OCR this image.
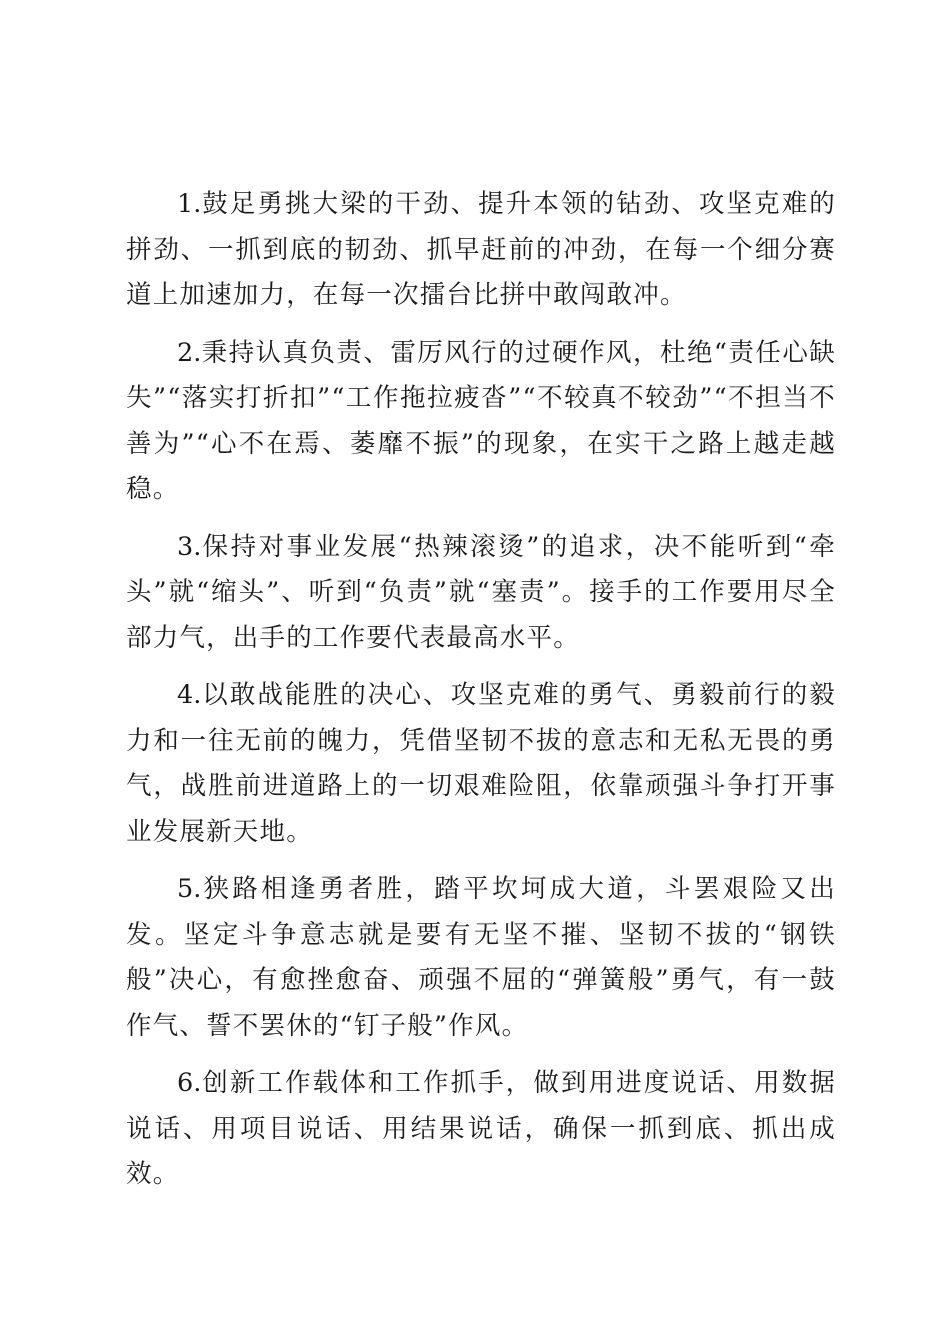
1.鼓足勇挑大梁的干劲、提升本领的钻劲、攻坚克难的拼劲、一抓到底的韧劲、抓早赶前的冲劲，在每一个细分赛道上加速加力，在每一次擂台比拼中敢闯敢冲。

2.秉持认真负责、雷厉风行的过硬作风，杜绝“责任心缺失”“落实打折扣”“工作拖拉疲沓”“不较真不较劲”“不担当不善为”“心不在焉、萎靡不振”的现象，在实干之路上越走越稳。

3.保持对事业发展“热辣滚烫”的追求，决不能听到“牵头”就“缩头”、听到“负责”就“塞责”。接手的工作要用尽全部力气，出手的工作要代表最高水平。

4.以敢战能胜的决心、攻坚克难的勇气、勇毅前行的毅力和一往无前的魄力，凭借坚韧不拔的意志和无私无畏的勇气，战胜前进道路上的一切艰难险阻，依靠顽强斗争打开事业发展新天地。

5.狭路相逢勇者胜，踏平坎坷成大道，斗罢艰险又出发。坚定斗争意志就是要有无坚不摧、坚韧不拔的“钢铁般”决心，有愈挫愈奋、顽强不屈的“弹簧般”勇气，有一鼓作气、誓不罢休的“钉子般”作风。

6.创新工作载体和工作抓手，做到用进度说话、用数据说话、用项目说话、用结果说话，确保一抓到底、抓出成效。
